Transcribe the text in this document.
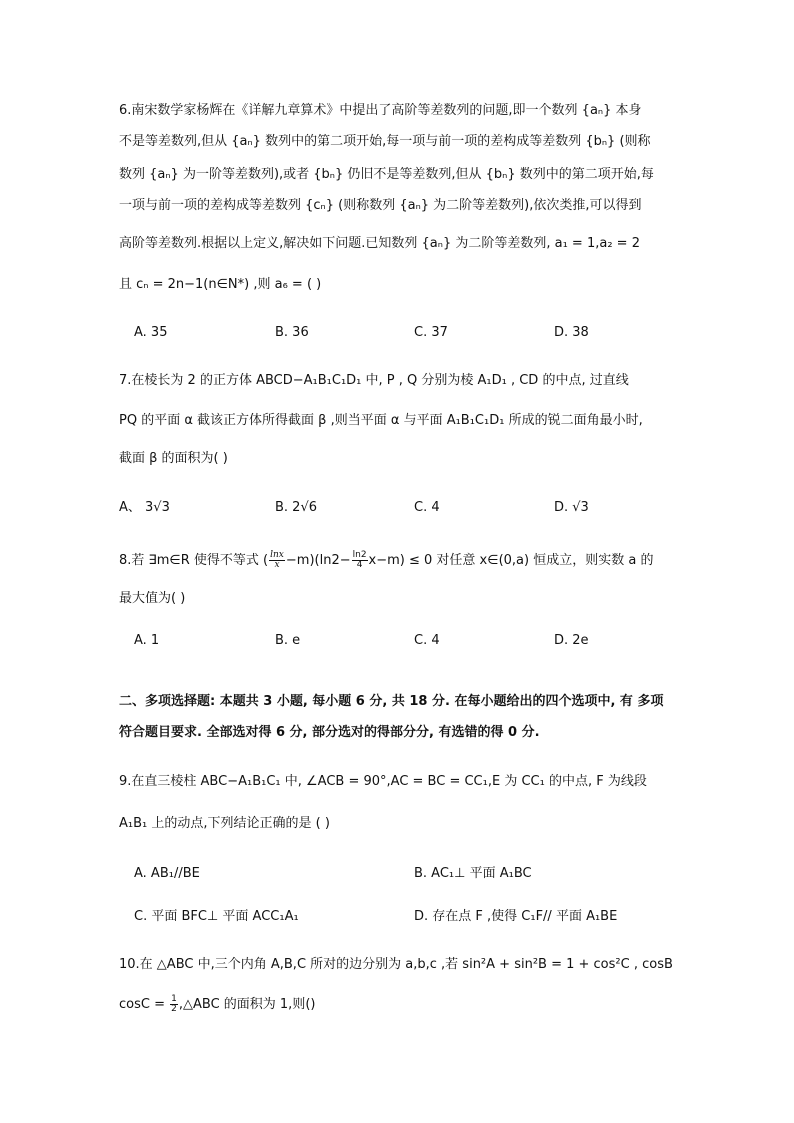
6.南宋数学家杨辉在《详解九章算术》中提出了高阶等差数列的问题,即一个数列 {aₙ} 本身
不是等差数列,但从 {aₙ} 数列中的第二项开始,每一项与前一项的差构成等差数列 {bₙ} (则称
数列 {aₙ} 为一阶等差数列),或者 {bₙ} 仍旧不是等差数列,但从 {bₙ} 数列中的第二项开始,每
一项与前一项的差构成等差数列 {cₙ} (则称数列 {aₙ} 为二阶等差数列),依次类推,可以得到
高阶等差数列.根据以上定义,解决如下问题.已知数列 {aₙ} 为二阶等差数列, a₁ = 1,a₂ = 2
且 cₙ = 2n−1(n∈N*) ,则 a₆ = ( )
A. 35	B. 36	C. 37	D. 38
7.在棱长为 2 的正方体 ABCD−A₁B₁C₁D₁ 中, P , Q 分别为棱 A₁D₁ , CD 的中点, 过直线
PQ 的平面 α 截该正方体所得截面 β ,则当平面 α 与平面 A₁B₁C₁D₁ 所成的锐二面角最小时,
截面 β 的面积为( )
A、 3√3	B. 2√6	C. 4	D. √3
8.若 ∃m∈R 使得不等式 ( $\frac{\ln x}{x} -m)(\ln 2- \frac{\ln 2}{4} x-m) \le 0$ 对任意 x∈(0,a) 恒成立，则实数 a 的
最大值为( )
A. 1	B. e	C. 4	D. 2e
二、多项选择题: 本题共 3 小题, 每小题 6 分, 共 18 分. 在每小题给出的四个选项中, 有 多项
符合题目要求. 全部选对得 6 分, 部分选对的得部分分, 有选错的得 0 分.
9.在直三棱柱 ABC−A₁B₁C₁ 中, ∠ACB = 90°,AC = BC = CC₁,E 为 CC₁ 的中点, F 为线段
A₁B₁ 上的动点,下列结论正确的是 ( )
A. AB₁//BE	B. AC₁⊥ 平面 A₁BC
C. 平面 BFC⊥ 平面 ACC₁A₁	D. 存在点 F ,使得 C₁F// 平面 A₁BE
10.在 △ABC 中,三个内角 A,B,C 所对的边分别为 a,b,c ,若 sin²A + sin²B = 1 + cos²C , cosB
$\cos C = \frac{1}{2}$ ,△ABC 的面积为 1,则()
